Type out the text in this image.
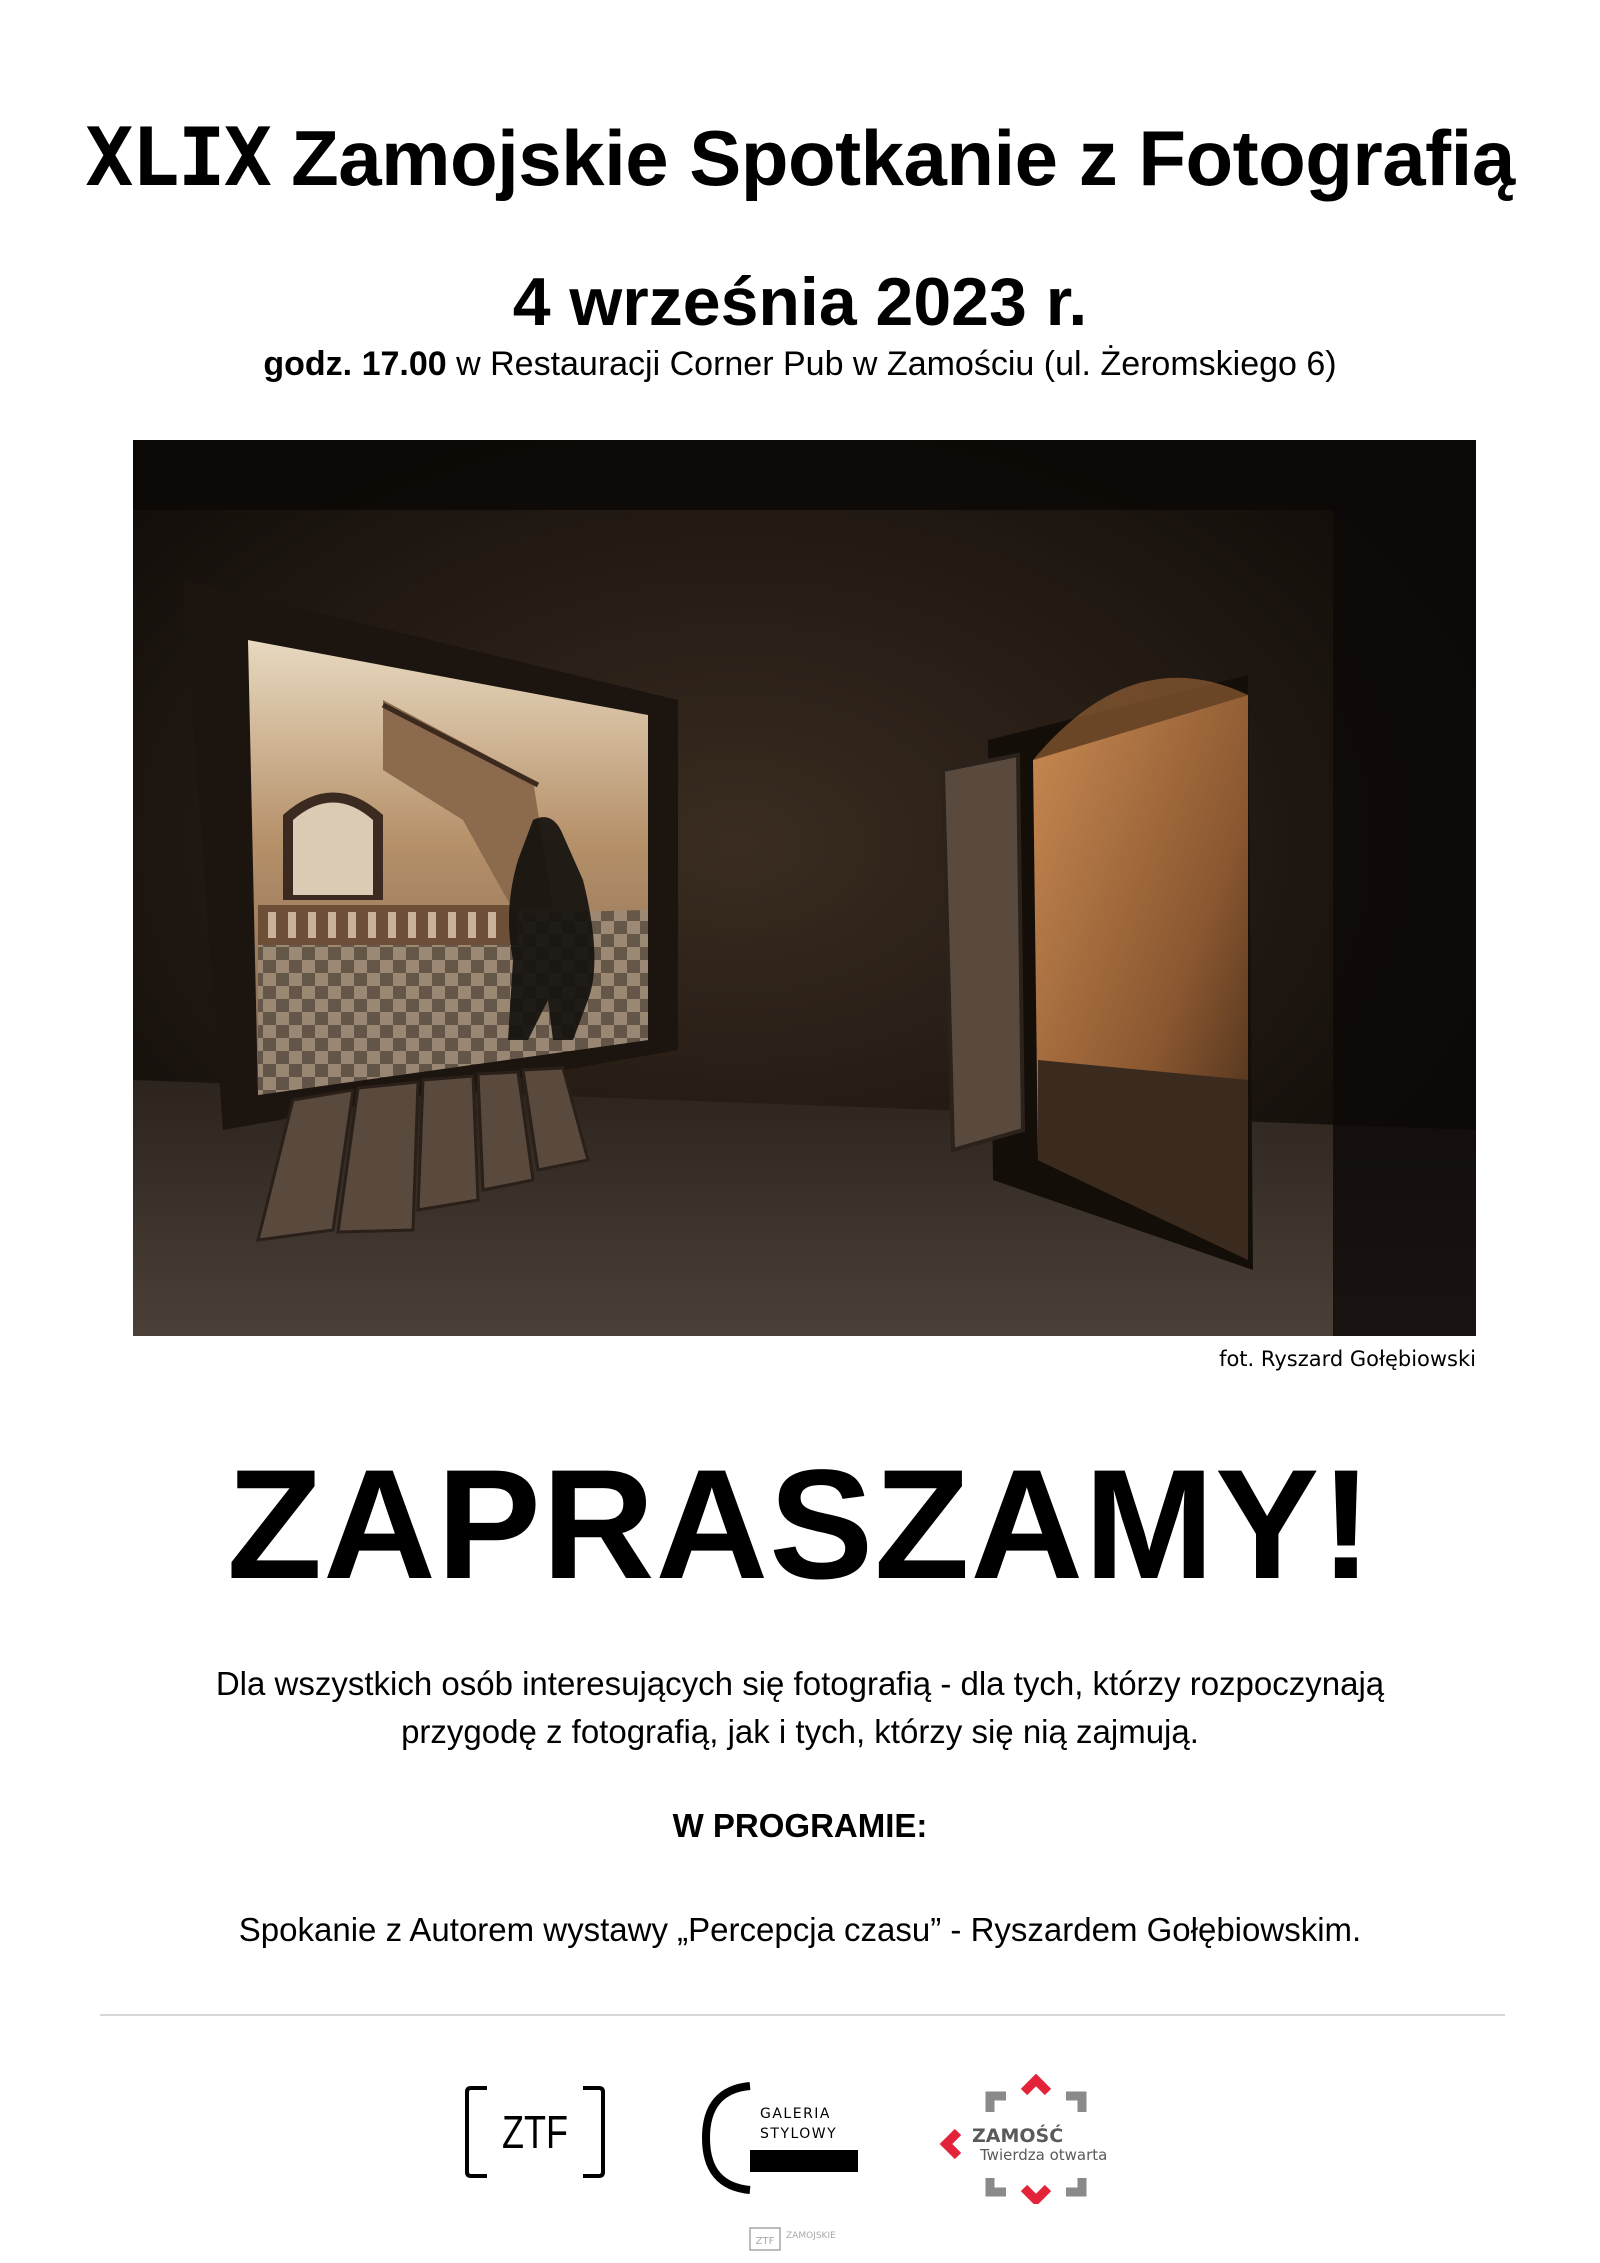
XLIX Zamojskie Spotkanie z Fotografią
4 września 2023 r.
godz. 17.00 w Restauracji Corner Pub w Zamościu (ul. Żeromskiego 6)
fot. Ryszard Gołębiowski
ZAPRASZAMY!
Dla wszystkich osób interesujących się fotografią - dla tych, którzy rozpoczynają
przygodę z fotografią, jak i tych, którzy się nią zajmują.
W PROGRAMIE:
Spokanie z Autorem wystawy „Percepcja czasu” - Ryszardem Gołębiowskim.
ZTF	GALERIA
STYLOWY	ZAMOŚĆ
Twierdza otwarta
ZTF ZAMOJSKIE
